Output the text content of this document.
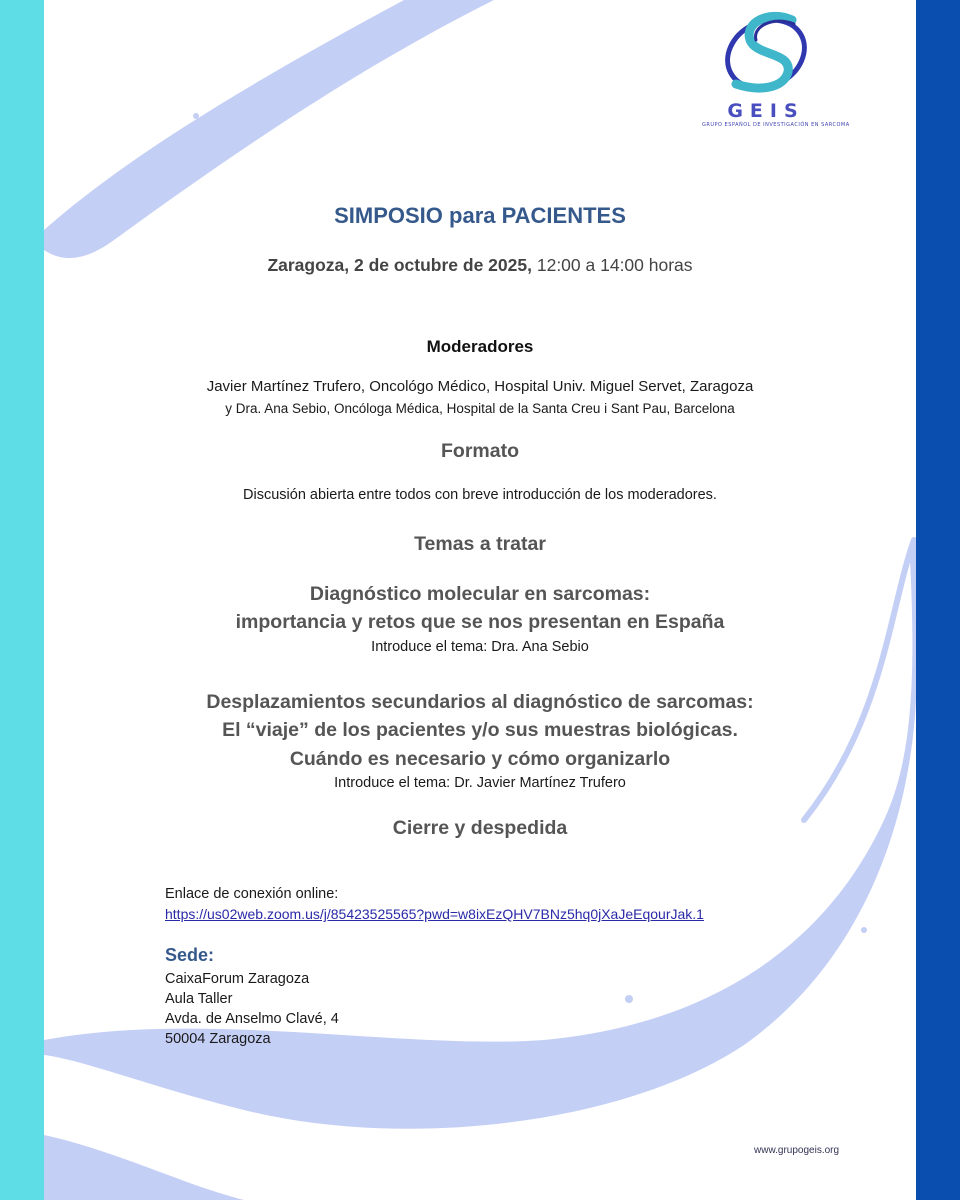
GEIS
GRUPO ESPAÑOL DE INVESTIGACIÓN EN SARCOMA
SIMPOSIO para PACIENTES
Zaragoza, 2 de octubre de 2025, 12:00 a 14:00 horas
Moderadores
Javier Martínez Trufero, Oncológo Médico, Hospital Univ. Miguel Servet, Zaragoza
y Dra. Ana Sebio, Oncóloga Médica, Hospital de la Santa Creu i Sant Pau, Barcelona
Formato
Discusión abierta entre todos con breve introducción de los moderadores.
Temas a tratar
Diagnóstico molecular en sarcomas:
importancia y retos que se nos presentan en España
Introduce el tema: Dra. Ana Sebio
Desplazamientos secundarios al diagnóstico de sarcomas:
El “viaje” de los pacientes y/o sus muestras biológicas.
Cuándo es necesario y cómo organizarlo
Introduce el tema: Dr. Javier Martínez Trufero
Cierre y despedida
Enlace de conexión online:
https://us02web.zoom.us/j/85423525565?pwd=w8ixEzQHV7BNz5hq0jXaJeEqourJak.1
Sede:
CaixaForum Zaragoza
Aula Taller
Avda. de Anselmo Clavé, 4
50004 Zaragoza
www.grupogeis.org
